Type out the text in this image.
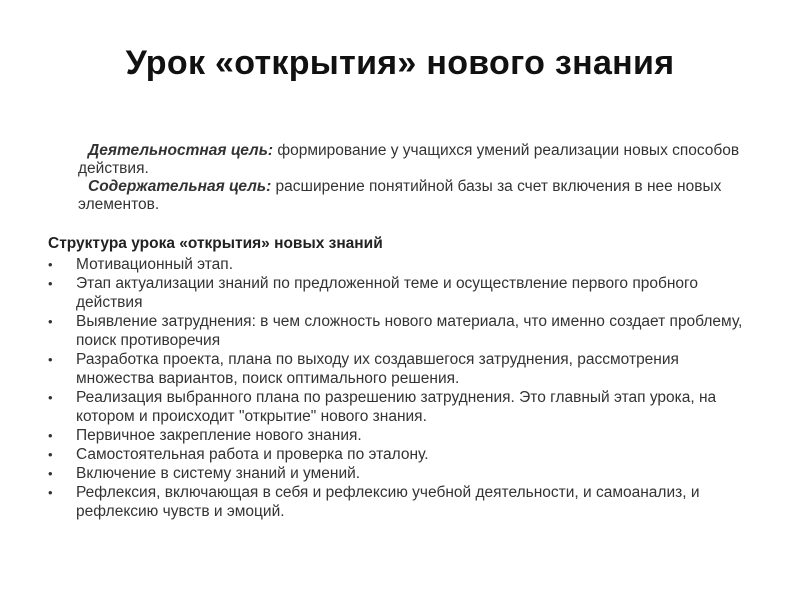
Урок «открытия» нового знания

Деятельностная цель: формирование у учащихся умений реализации новых способов действия.

Содержательная цель: расширение понятийной базы за счет включения в нее новых элементов.

Структура урока «открытия» новых знаний
•	Мотивационный этап.
•	Этап актуализации знаний по предложенной теме и осуществление первого пробного действия
•	Выявление затруднения: в чем сложность нового материала, что именно создает проблему, поиск противоречия
•	Разработка проекта, плана по выходу их создавшегося затруднения, рассмотрения множества вариантов, поиск оптимального решения.
•	Реализация выбранного плана по разрешению затруднения. Это главный этап урока, на котором и происходит "открытие" нового знания.
•	Первичное закрепление нового знания.
•	Самостоятельная работа и проверка по эталону.
•	Включение в систему знаний и умений.
•	Рефлексия, включающая в себя и рефлексию учебной деятельности, и самоанализ, и рефлексию чувств и эмоций.
